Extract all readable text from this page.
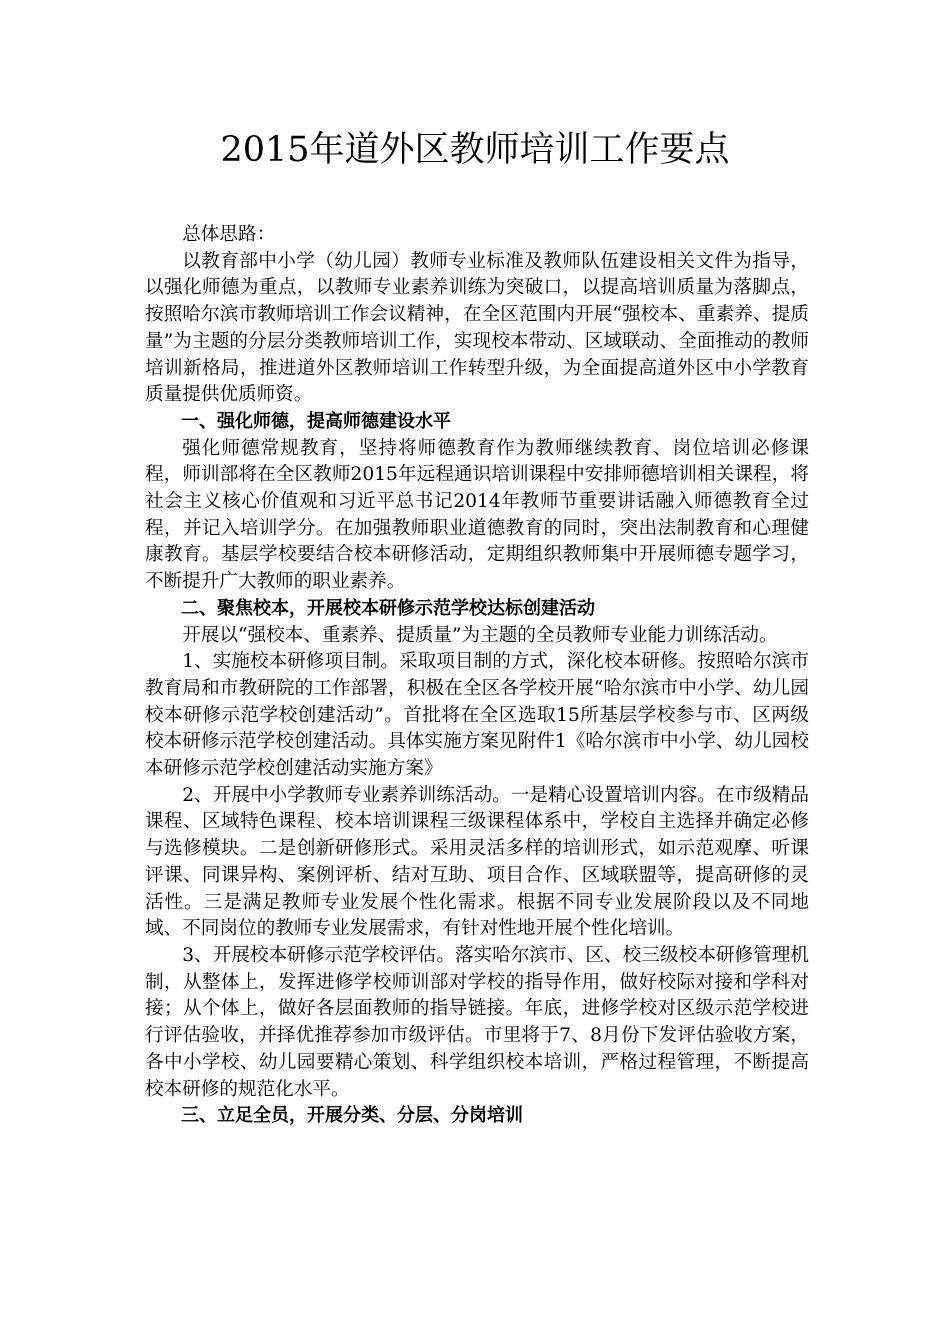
2015年道外区教师培训工作要点

总体思路：

以教育部中小学（幼儿园）教师专业标准及教师队伍建设相关文件为指导，以强化师德为重点，以教师专业素养训练为突破口，以提高培训质量为落脚点，按照哈尔滨市教师培训工作会议精神，在全区范围内开展“强校本、重素养、提质量”为主题的分层分类教师培训工作，实现校本带动、区域联动、全面推动的教师培训新格局，推进道外区教师培训工作转型升级，为全面提高道外区中小学教育质量提供优质师资。

一、强化师德，提高师德建设水平

强化师德常规教育，坚持将师德教育作为教师继续教育、岗位培训必修课程，师训部将在全区教师2015年远程通识培训课程中安排师德培训相关课程，将社会主义核心价值观和习近平总书记2014年教师节重要讲话融入师德教育全过程，并记入培训学分。在加强教师职业道德教育的同时，突出法制教育和心理健康教育。基层学校要结合校本研修活动，定期组织教师集中开展师德专题学习，不断提升广大教师的职业素养。

二、聚焦校本，开展校本研修示范学校达标创建活动

开展以“强校本、重素养、提质量”为主题的全员教师专业能力训练活动。

1、实施校本研修项目制。采取项目制的方式，深化校本研修。按照哈尔滨市教育局和市教研院的工作部署，积极在全区各学校开展“哈尔滨市中小学、幼儿园校本研修示范学校创建活动”。首批将在全区选取15所基层学校参与市、区两级校本研修示范学校创建活动。具体实施方案见附件1《哈尔滨市中小学、幼儿园校本研修示范学校创建活动实施方案》

2、开展中小学教师专业素养训练活动。一是精心设置培训内容。在市级精品课程、区域特色课程、校本培训课程三级课程体系中，学校自主选择并确定必修与选修模块。二是创新研修形式。采用灵活多样的培训形式，如示范观摩、听课评课、同课异构、案例评析、结对互助、项目合作、区域联盟等，提高研修的灵活性。三是满足教师专业发展个性化需求。根据不同专业发展阶段以及不同地域、不同岗位的教师专业发展需求，有针对性地开展个性化培训。

3、开展校本研修示范学校评估。落实哈尔滨市、区、校三级校本研修管理机制，从整体上，发挥进修学校师训部对学校的指导作用，做好校际对接和学科对接；从个体上，做好各层面教师的指导链接。年底，进修学校对区级示范学校进行评估验收，并择优推荐参加市级评估。市里将于7、8月份下发评估验收方案，各中小学校、幼儿园要精心策划、科学组织校本培训，严格过程管理，不断提高校本研修的规范化水平。

三、立足全员，开展分类、分层、分岗培训
